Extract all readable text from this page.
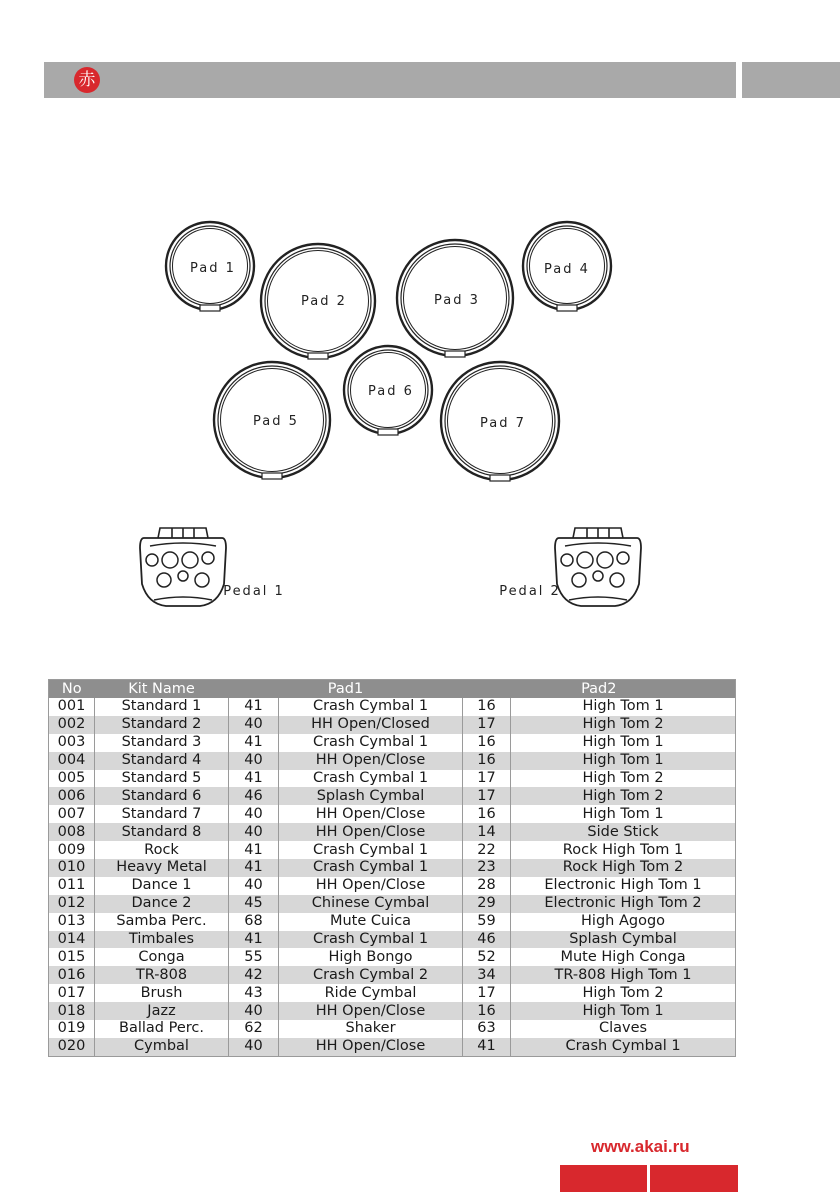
赤
Pad 1
Pad 2	Pad 3
Pad 4
Pad 5
Pad 6
Pad 7
Pedal 1	Pedal 2
No	Kit Name	Pad1		Pad2	
001	Standard 1	41	Crash Cymbal 1	16	High Tom 1
002	Standard 2	40	HH Open/Closed	17	High Tom 2
003	Standard 3	41	Crash Cymbal 1	16	High Tom 1
004	Standard 4	40	HH Open/Close	16	High Tom 1
005	Standard 5	41	Crash Cymbal 1	17	High Tom 2
006	Standard 6	46	Splash Cymbal	17	High Tom 2
007	Standard 7	40	HH Open/Close	16	High Tom 1
008	Standard 8	40	HH Open/Close	14	Side Stick
009	Rock	41	Crash Cymbal 1	22	Rock High Tom 1
010	Heavy Metal	41	Crash Cymbal 1	23	Rock High Tom 2
011	Dance 1	40	HH Open/Close	28	Electronic High Tom 1
012	Dance 2	45	Chinese Cymbal	29	Electronic High Tom 2
013	Samba Perc.	68	Mute Cuica	59	High Agogo
014	Timbales	41	Crash Cymbal 1	46	Splash Cymbal
015	Conga	55	High Bongo	52	Mute High Conga
016	TR-808	42	Crash Cymbal 2	34	TR-808 High Tom 1
017	Brush	43	Ride Cymbal	17	High Tom 2
018	Jazz	40	HH Open/Close	16	High Tom 1
019	Ballad Perc.	62	Shaker	63	Claves
020	Cymbal	40	HH Open/Close	41	Crash Cymbal 1
www.akai.ru
